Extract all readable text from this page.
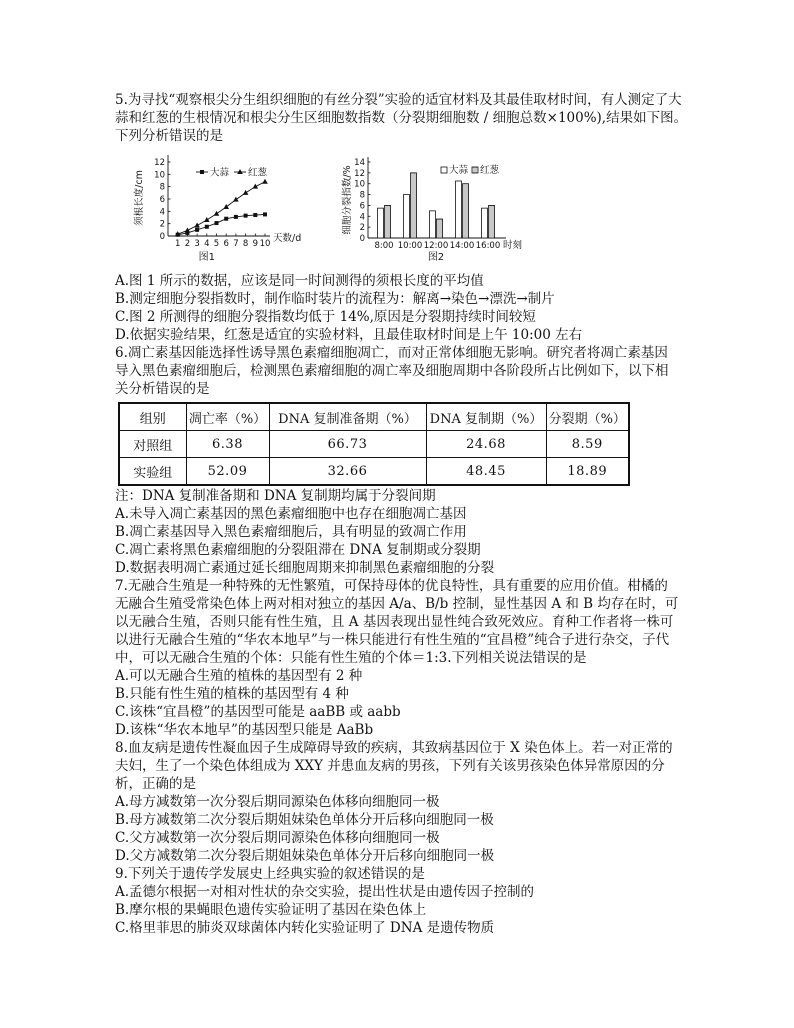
5.为寻找“观察根尖分生组织细胞的有丝分裂”实验的适宜材料及其最佳取材时间，有人测定了大
蒜和红葱的生根情况和根尖分生区细胞数指数（分裂期细胞数 / 细胞总数×100%),结果如下图。
下列分析错误的是
0
2
4
6
8
10
12
1 2 3 4 5 6 7 8 9 10 天数/d
须根长度/cm
图1
大蒜 红葱
0
2
4
6
8
10
12
14
8:00 10:00 12:00 14:00 16:00 时刻
细胞分裂指数/%
图2
大蒜 红葱
A.图 1 所示的数据，应该是同一时间测得的须根长度的平均值
B.测定细胞分裂指数时，制作临时装片的流程为：解离→染色→漂洗→制片
C.图 2 所测得的细胞分裂指数均低于 14%,原因是分裂期持续时间较短
D.依据实验结果，红葱是适宜的实验材料，且最佳取材时间是上午 10:00 左右
6.凋亡素基因能选择性诱导黑色素瘤细胞凋亡，而对正常体细胞无影响。研究者将凋亡素基因
导入黑色素瘤细胞后，检测黑色素瘤细胞的凋亡率及细胞周期中各阶段所占比例如下，以下相
关分析错误的是
组别	凋亡率（%）	DNA 复制准备期（%）	DNA 复制期（%）	分裂期（%）
对照组	6.38	66.73	24.68	8.59
实验组	52.09	32.66	48.45	18.89
注：DNA 复制准备期和 DNA 复制期均属于分裂间期
A.未导入凋亡素基因的黑色素瘤细胞中也存在细胞凋亡基因
B.凋亡素基因导入黑色素瘤细胞后，具有明显的致凋亡作用
C.凋亡素将黑色素瘤细胞的分裂阻滞在 DNA 复制期或分裂期
D.数据表明凋亡素通过延长细胞周期来抑制黑色素瘤细胞的分裂
7.无融合生殖是一种特殊的无性繁殖，可保持母体的优良特性，具有重要的应用价值。柑橘的
无融合生殖受常染色体上两对相对独立的基因 A/a、B/b 控制，显性基因 A 和 B 均存在时，可
以无融合生殖，否则只能有性生殖，且 A 基因表现出显性纯合致死效应。育种工作者将一株可
以进行无融合生殖的“华农本地早”与一株只能进行有性生殖的“宜昌橙”纯合子进行杂交，子代
中，可以无融合生殖的个体：只能有性生殖的个体＝1:3.下列相关说法错误的是
A.可以无融合生殖的植株的基因型有 2 种
B.只能有性生殖的植株的基因型有 4 种
C.该株“宜昌橙”的基因型可能是 aaBB 或 aabb
D.该株“华农本地早”的基因型只能是 AaBb
8.血友病是遗传性凝血因子生成障碍导致的疾病，其致病基因位于 X 染色体上。若一对正常的
夫妇，生了一个染色体组成为 XXY 并患血友病的男孩，下列有关该男孩染色体异常原因的分
析，正确的是
A.母方减数第一次分裂后期同源染色体移向细胞同一极
B.母方减数第二次分裂后期姐妹染色单体分开后移向细胞同一极
C.父方减数第一次分裂后期同源染色体移向细胞同一极
D.父方减数第二次分裂后期姐妹染色单体分开后移向细胞同一极
9.下列关于遗传学发展史上经典实验的叙述错误的是
A.孟德尔根据一对相对性状的杂交实验，提出性状是由遗传因子控制的
B.摩尔根的果蝇眼色遗传实验证明了基因在染色体上
C.格里菲思的肺炎双球菌体内转化实验证明了 DNA 是遗传物质
